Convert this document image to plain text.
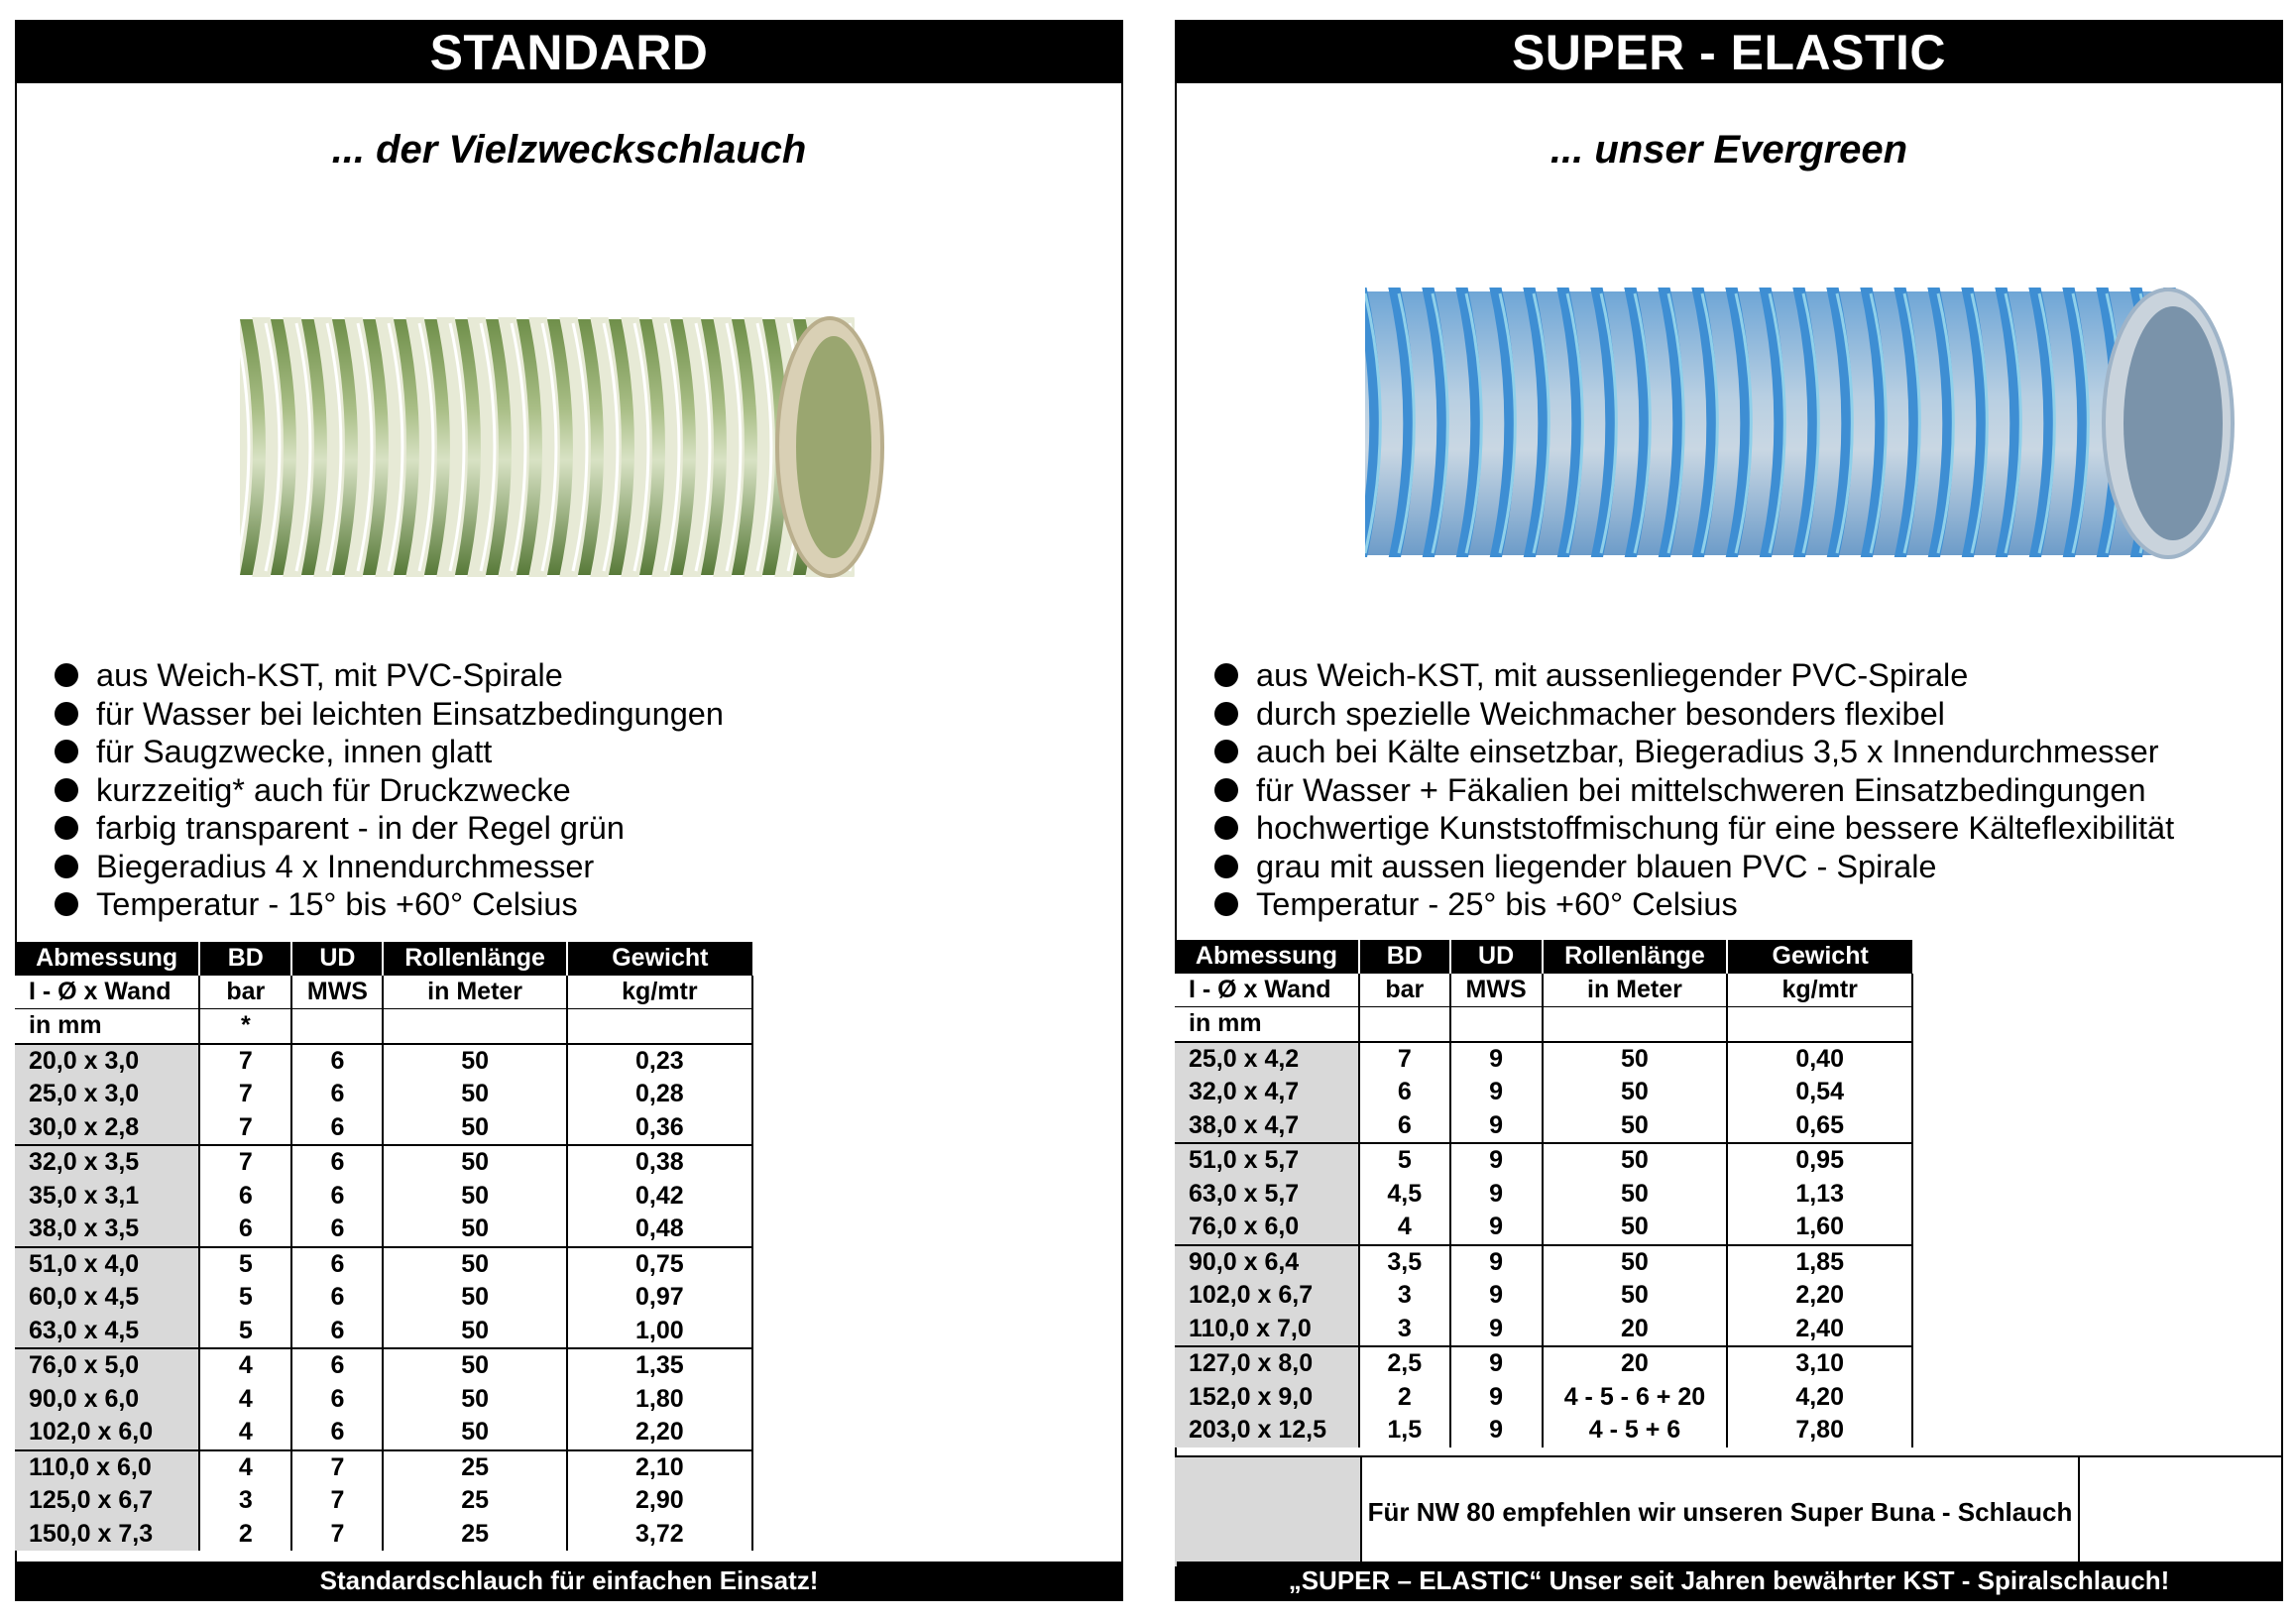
STANDARD
... der Vielzweckschlauch
aus Weich-KST, mit PVC-Spirale
für Wasser bei leichten Einsatzbedingungen
für Saugzwecke, innen glatt
kurzzeitig* auch für Druckzwecke
farbig transparent - in der Regel grün
Biegeradius 4 x Innendurchmesser
Temperatur - 15° bis +60° Celsius
Abmessung	BD	UD	Rollenlänge	Gewicht
I - Ø x Wand	bar	MWS	in Meter	kg/mtr
in mm	*			
20,0 x 3,0	7	6	50	0,23
25,0 x 3,0	7	6	50	0,28
30,0 x 2,8	7	6	50	0,36
32,0 x 3,5	7	6	50	0,38
35,0 x 3,1	6	6	50	0,42
38,0 x 3,5	6	6	50	0,48
51,0 x 4,0	5	6	50	0,75
60,0 x 4,5	5	6	50	0,97
63,0 x 4,5	5	6	50	1,00
76,0 x 5,0	4	6	50	1,35
90,0 x 6,0	4	6	50	1,80
102,0 x 6,0	4	6	50	2,20
110,0 x 6,0	4	7	25	2,10
125,0 x 6,7	3	7	25	2,90
150,0 x 7,3	2	7	25	3,72
Standardschlauch für einfachen Einsatz!
SUPER - ELASTIC
... unser Evergreen
aus Weich-KST, mit aussenliegender PVC-Spirale
durch spezielle Weichmacher besonders flexibel
auch bei Kälte einsetzbar, Biegeradius 3,5 x Innendurchmesser
für Wasser + Fäkalien bei mittelschweren Einsatzbedingungen
hochwertige Kunststoffmischung für eine bessere Kälteflexibilität
grau mit aussen liegender blauen PVC - Spirale
Temperatur - 25° bis +60° Celsius
Abmessung	BD	UD	Rollenlänge	Gewicht
I - Ø x Wand	bar	MWS	in Meter	kg/mtr
in mm				
25,0 x 4,2	7	9	50	0,40
32,0 x 4,7	6	9	50	0,54
38,0 x 4,7	6	9	50	0,65
51,0 x 5,7	5	9	50	0,95
63,0 x 5,7	4,5	9	50	1,13
76,0 x 6,0	4	9	50	1,60
90,0 x 6,4	3,5	9	50	1,85
102,0 x 6,7	3	9	50	2,20
110,0 x 7,0	3	9	20	2,40
127,0 x 8,0	2,5	9	20	3,10
152,0 x 9,0	2	9	4 - 5 - 6 + 20	4,20
203,0 x 12,5	1,5	9	4 - 5 + 6	7,80
Für NW 80 empfehlen wir unseren Super Buna - Schlauch
„SUPER – ELASTIC“ Unser seit Jahren bewährter KST - Spiralschlauch!
